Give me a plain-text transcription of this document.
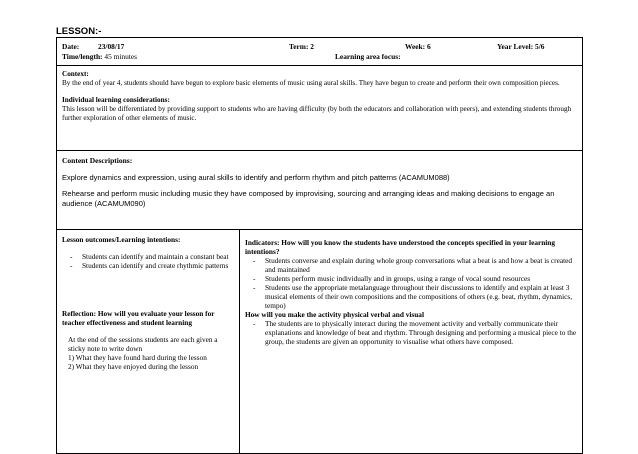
LESSON:-
Date:	23/08/17	Term: 2	Week: 6	Year Level: 5/6
Time/length: 45 minutes	Learning area focus:

Context:

By the end of year 4, students should have begun to explore basic elements of music using aural skills. They have begun to create and perform their own composition pieces.

Individual learning considerations:

This lesson will be differentiated by providing support to students who are having difficulty (by both the educators and collaboration with peers), and extending students through further exploration of other elements of music.

Content Descriptions:

Explore dynamics and expression, using aural skills to identify and perform rhythm and pitch patterns (ACAMUM088)

Rehearse and perform music including music they have composed by improvising, sourcing and arranging ideas and making decisions to engage an audience (ACAMUM090)

Lesson outcomes/Learning intentions:

- Students can identify and maintain a constant beat
- Students can identify and create rhythmic patterns

Reflection: How will you evaluate your lesson for teacher effectiveness and student learning

At the end of the sessions students are each given a sticky note to write down

1) What they have found hard during the lesson

2) What they have enjoyed during the lesson

Indicators: How will you know the students have understood the concepts specified in your learning intentions?

- Students converse and explain during whole group conversations what a beat is and how a beat is created and maintained
- Students perform music individually and in groups, using a range of vocal sound resources
- Students use the appropriate metalanguage throughout their discussions to identify and explain at least 3 musical elements of their own compositions and the compositions of others (e.g. beat, rhythm, dynamics, tempo)

How will you make the activity physical verbal and visual

- The students are to physically interact during the movement activity and verbally communicate their explanations and knowledge of beat and rhythm. Through designing and performing a musical piece to the group, the students are given an opportunity to visualise what others have composed.
